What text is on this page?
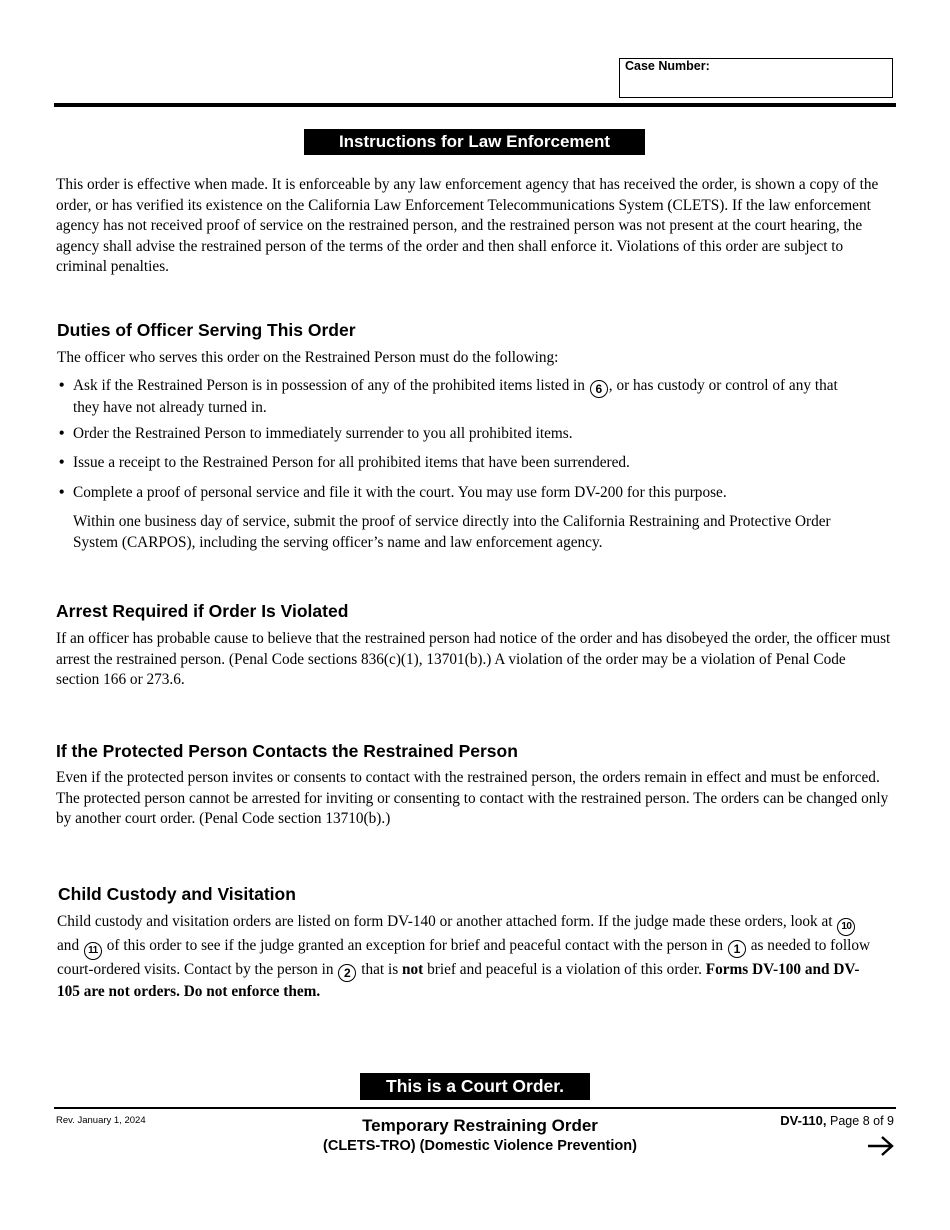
Case Number:
Instructions for Law Enforcement

This order is effective when made. It is enforceable by any law enforcement agency that has received the order, is shown a copy of the order, or has verified its existence on the California Law Enforcement Telecommunications System (CLETS). If the law enforcement agency has not received proof of service on the restrained person, and the restrained person was not present at the court hearing, the agency shall advise the restrained person of the terms of the order and then shall enforce it. Violations of this order are subject to criminal penalties.

Duties of Officer Serving This Order

The officer who serves this order on the Restrained Person must do the following:

• Ask if the Restrained Person is in possession of any of the prohibited items listed in 6 , or has custody or control of any that they have not already turned in.
• Order the Restrained Person to immediately surrender to you all prohibited items.
• Issue a receipt to the Restrained Person for all prohibited items that have been surrendered.
• Complete a proof of personal service and file it with the court. You may use form DV-200 for this purpose.

Within one business day of service, submit the proof of service directly into the California Restraining and Protective Order System (CARPOS), including the serving officer’s name and law enforcement agency.

Arrest Required if Order Is Violated

If an officer has probable cause to believe that the restrained person had notice of the order and has disobeyed the order, the officer must arrest the restrained person. (Penal Code sections 836(c)(1), 13701(b).) A violation of the order may be a violation of Penal Code section 166 or 273.6.

If the Protected Person Contacts the Restrained Person

Even if the protected person invites or consents to contact with the restrained person, the orders remain in effect and must be enforced. The protected person cannot be arrested for inviting or consenting to contact with the restrained person. The orders can be changed only by another court order. (Penal Code section 13710(b).)

Child Custody and Visitation

Child custody and visitation orders are listed on form DV-140 or another attached form. If the judge made these orders, look at 10 and 11 of this order to see if the judge granted an exception for brief and peaceful contact with the person in 1 as needed to follow court-ordered visits. Contact by the person in 2 that is not brief and peaceful is a violation of this order. Forms DV-100 and DV-105 are not orders. Do not enforce them.

This is a Court Order.
Rev. January 1, 2024	Temporary Restraining Order
(CLETS-TRO) (Domestic Violence Prevention)
DV-110, Page 8 of 9
